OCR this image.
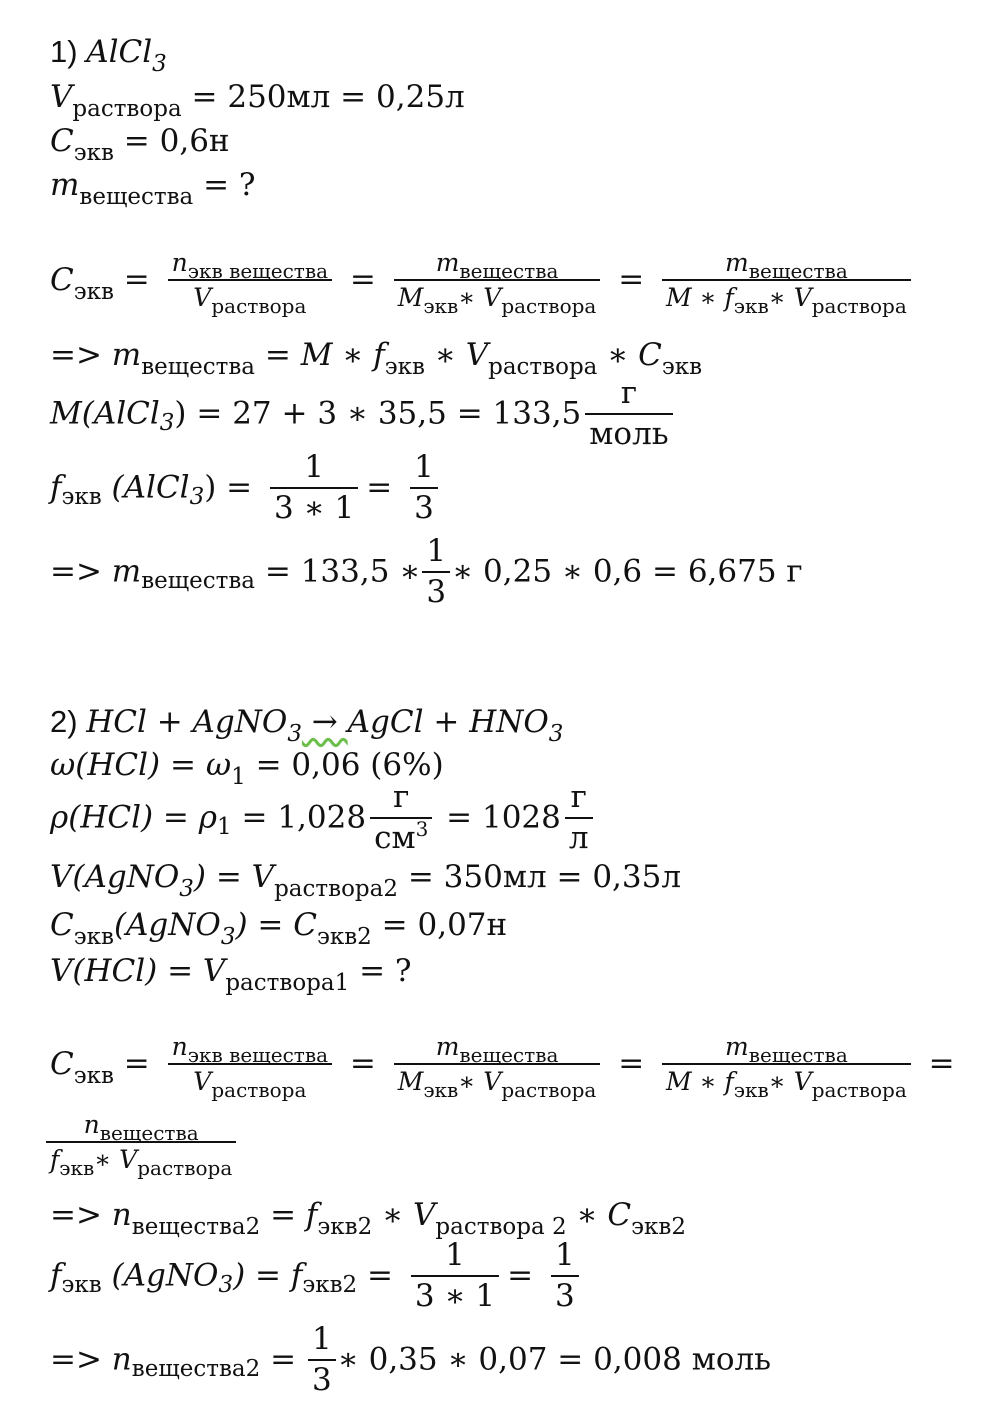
1) AlCl$_3$
$V_{раствора} = 250мл = 0,25л$
$C_{экв} = 0,6н$
$m_{вещества}$ = ?
$C_{экв} = \frac{n_{экв вещества}}{V_{раствора}} = \frac{m_{вещества}}{M_{экв}∗ V_{раствора}} = \frac{m_{вещества}}{M ∗ f_{экв}∗ V_{раствора}}$
=> $m_{вещества} = M$ ∗ $f_{экв}$ ∗ $V_{раствора}$ ∗ $C_{экв}$
M(AlCl$_3$) = 27 + 3 ∗ $35,5 = 133,5 \frac{г}{\text{моль}}$
$f_{экв}$ (AlCl$_3$) = $\frac{1}{3 ∗ 1} = \frac{1}{3}$
=> $m_{вещества} = 133,5$ ∗ $\frac{1}{3}$ ∗ 0,25 ∗ 0,6 = 6,675 г
2) HCl + AgNO$_3$ → AgCl + $HNO_3$
$\omega(HCl) = \omega_1 = 0,06$ (6%)
$\rho(HCl) = \rho_1 = 1,028 \frac{г}{см^3} = 1028 \frac{г}{л}$
V(AgNO$_3$) = $V_{раствора2} = 350мл = 0,35л$
$C_{экв}(AgNO_3) = C_{экв2} = 0,07н$
$V(HCl) = V_{раствора1}$ = ?
$C_{экв} = \frac{n_{экв вещества}}{V_{раствора}} = \frac{m_{вещества}}{M_{экв}∗ V_{раствора}} = \frac{m_{вещества}}{M ∗ f_{экв}∗ V_{раствора}}$ =
$\frac{n_{вещества}}{f_{экв}∗ V_{раствора}}$
=> $n_{вещества2} = f_{экв2}$ ∗ $V_{раствора 2}$ ∗ $C_{экв2}$
$f_{экв}$ (AgNO$_3$) = $f_{экв2} = \frac{1}{3 ∗ 1} = \frac{1}{3}$
=> $n_{вещества2} = \frac{1}{3}$ ∗ 0,35 ∗ 0,07 = 0,008 моль
